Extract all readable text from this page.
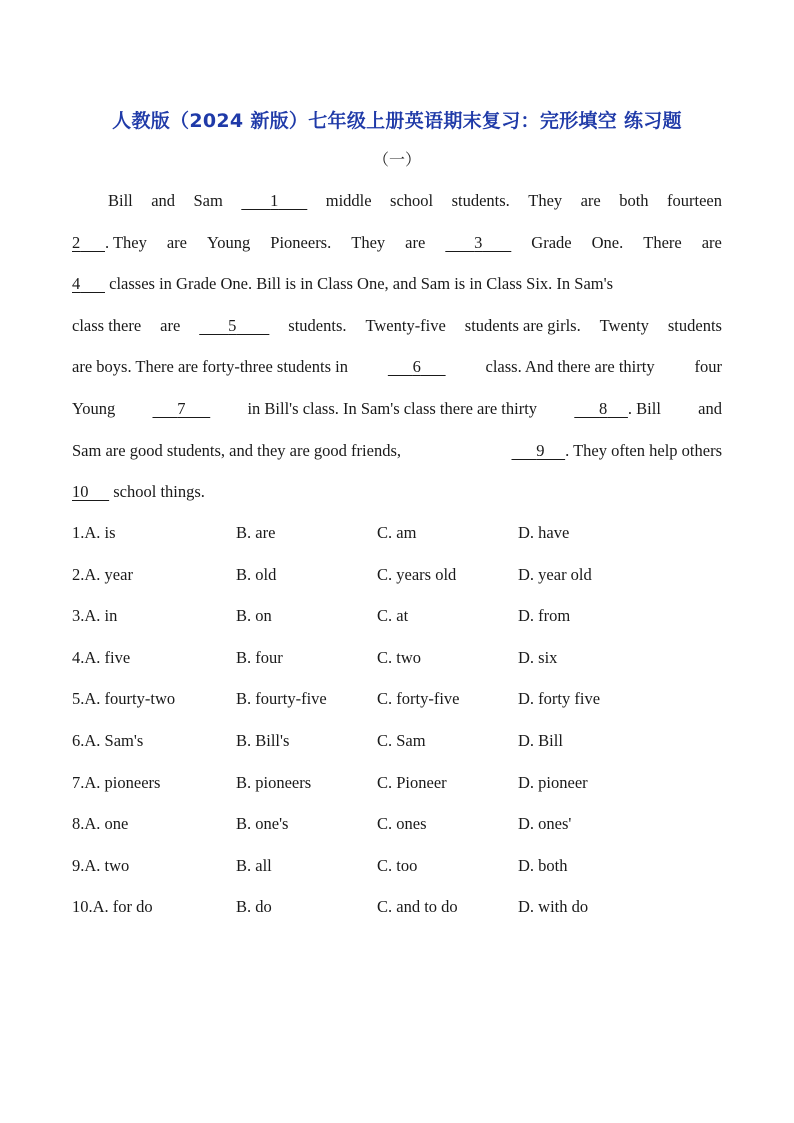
人教版（2024 新版）七年级上册英语期末复习：完形填空 练习题
（一）
Bill and Sam	1	middle school students. They are both fourteen
2 . They are Young Pioneers. They are	3	Grade One. There are
4 classes in Grade One. Bill is in Class One, and Sam is in Class Six. In Sam's
class there are	5	students. Twenty-five students are girls. Twenty students
are boys. There are forty-three students in	6	class. And there are thirty four
Young	7	in Bill's class. In Sam's class there are thirty	8 . Bill and
Sam are good students, and they are good friends,	9 . They often help others
10 school things.
1.A. is	B. are	C. am	D. have
2.A. year	B. old	C. years old	D. year old
3.A. in	B. on	C. at	D. from
4.A. five	B. four	C. two	D. six
5.A. fourty-two	B. fourty-five	C. forty-five	D. forty five
6.A. Sam's	B. Bill's	C. Sam	D. Bill
7.A. pioneers	B. pioneers	C. Pioneer	D. pioneer
8.A. one	B. one's	C. ones	D. ones'
9.A. two	B. all	C. too	D. both
10.A. for do	B. do	C. and to do	D. with do
